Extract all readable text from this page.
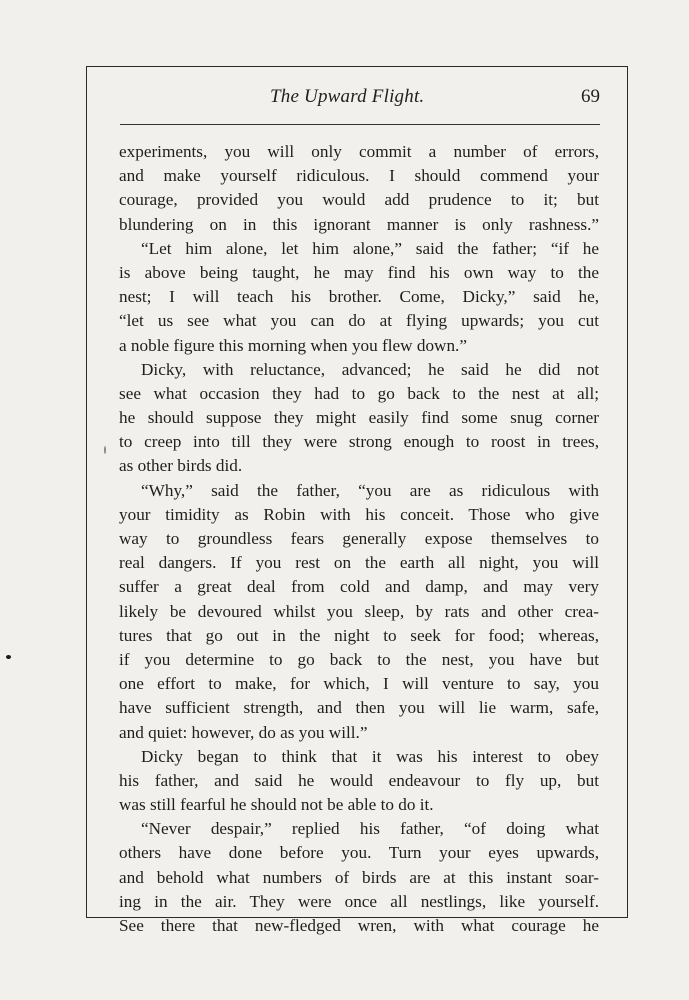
The Upward Flight.	69
experiments, you will only commit a number of errors,
and make yourself ridiculous. I should commend your
courage, provided you would add prudence to it; but
blundering on in this ignorant manner is only rashness.”
“Let him alone, let him alone,” said the father; “if he
is above being taught, he may find his own way to the
nest; I will teach his brother. Come, Dicky,” said he,
“let us see what you can do at flying upwards; you cut
a noble figure this morning when you flew down.”
Dicky, with reluctance, advanced; he said he did not
see what occasion they had to go back to the nest at all;
he should suppose they might easily find some snug corner
to creep into till they were strong enough to roost in trees,
as other birds did.
“Why,” said the father, “you are as ridiculous with
your timidity as Robin with his conceit. Those who give
way to groundless fears generally expose themselves to
real dangers. If you rest on the earth all night, you will
suffer a great deal from cold and damp, and may very
likely be devoured whilst you sleep, by rats and other crea-
tures that go out in the night to seek for food; whereas,
if you determine to go back to the nest, you have but
one effort to make, for which, I will venture to say, you
have sufficient strength, and then you will lie warm, safe,
and quiet: however, do as you will.”
Dicky began to think that it was his interest to obey
his father, and said he would endeavour to fly up, but
was still fearful he should not be able to do it.
“Never despair,” replied his father, “of doing what
others have done before you. Turn your eyes upwards,
and behold what numbers of birds are at this instant soar-
ing in the air. They were once all nestlings, like yourself.
See there that new-fledged wren, with what courage he
